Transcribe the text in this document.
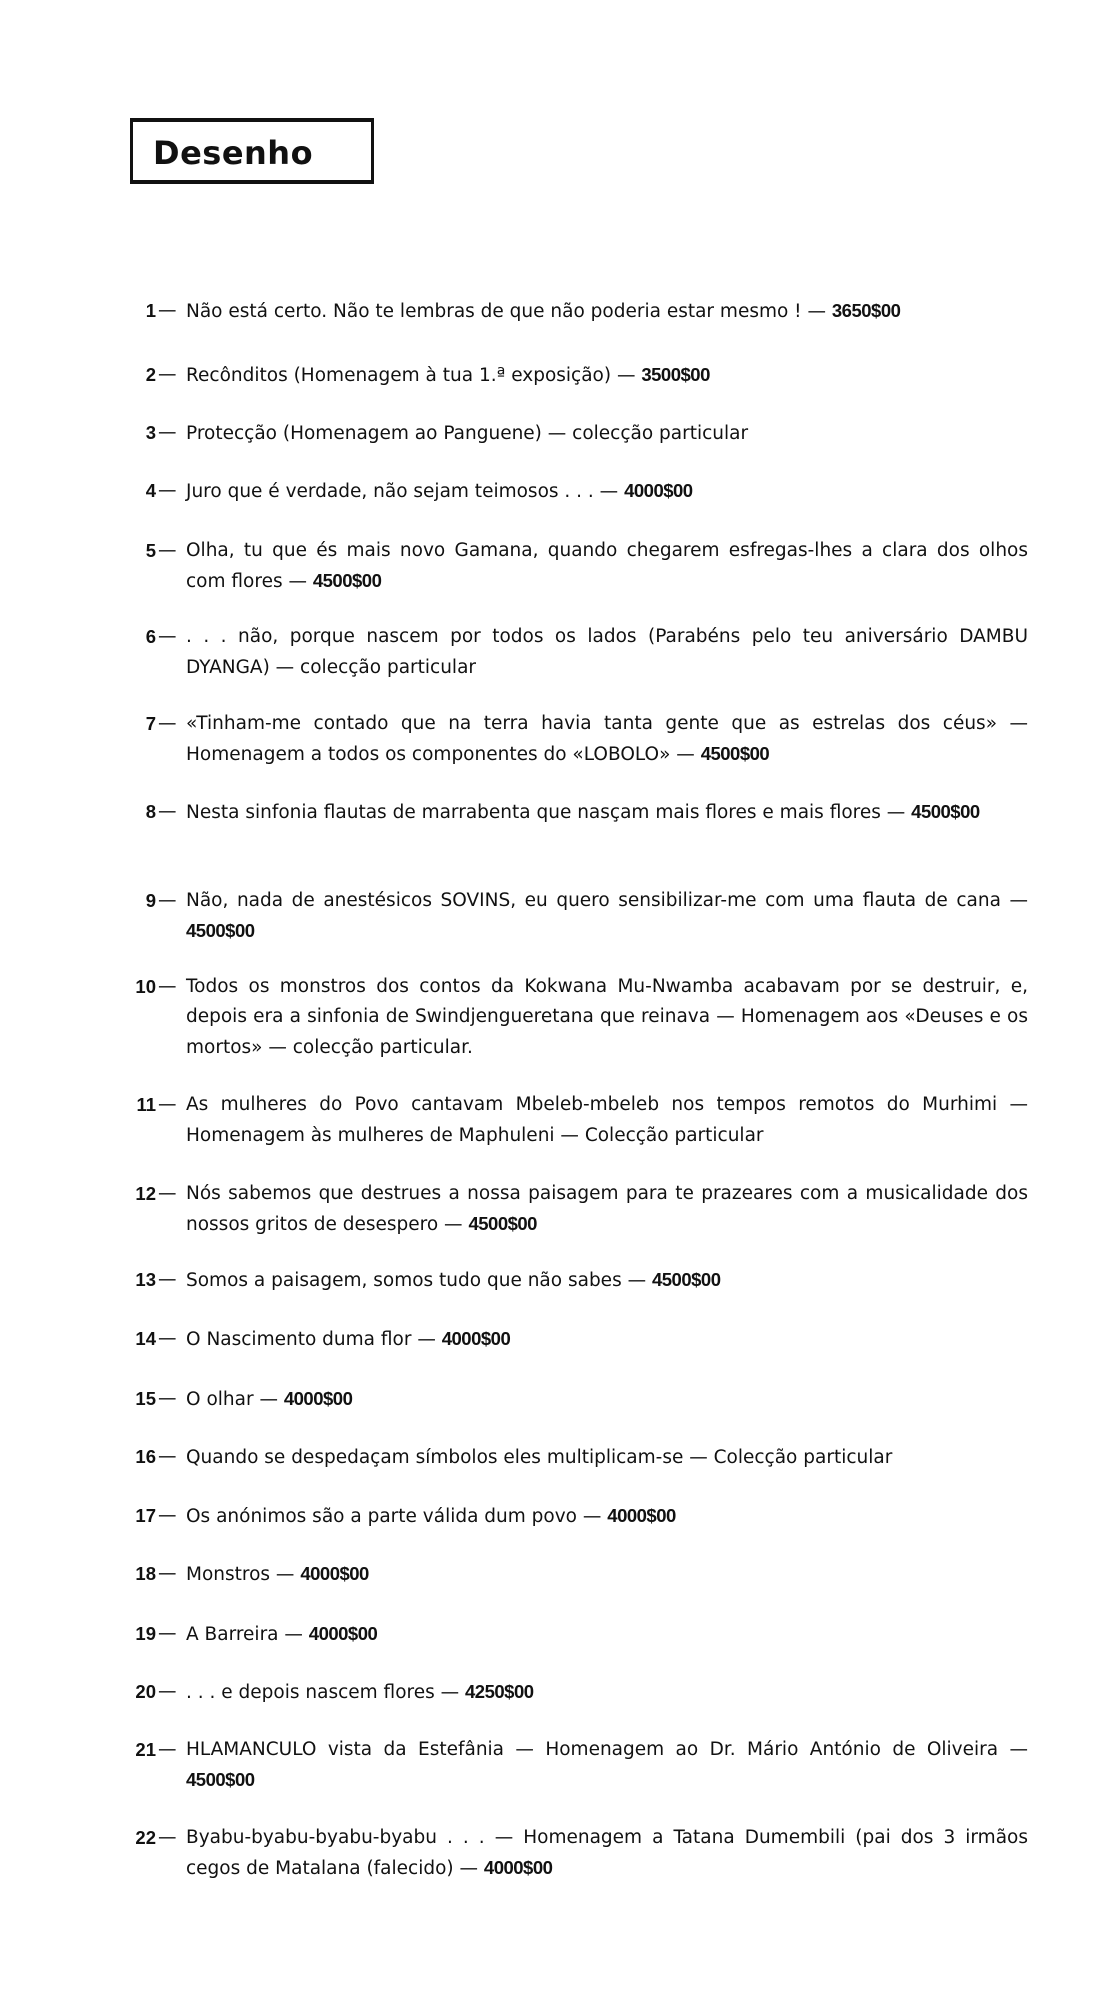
Desenho
1 — Não está certo. Não te lembras de que não poderia estar mesmo ! — 3650$00
2 — Recônditos (Homenagem à tua 1.ª exposição) — 3500$00
3 — Protecção (Homenagem ao Panguene) — colecção particular
4 — Juro que é verdade, não sejam teimosos . . . — 4000$00
5 — Olha, tu que és mais novo Gamana, quando chegarem esfregas-lhes a clara dos olhos com flores — 4500$00
6 — . . . não, porque nascem por todos os lados (Parabéns pelo teu aniversário DAMBU DYANGA) — colecção particular
7 — «Tinham-me contado que na terra havia tanta gente que as estrelas dos céus» — Homenagem a todos os componentes do «LOBOLO» — 4500$00
8 — Nesta sinfonia flautas de marrabenta que nasçam mais flores e mais flores — 4500$00
9 — Não, nada de anestésicos SOVINS, eu quero sensibilizar-me com uma flauta de cana — 4500$00
10 — Todos os monstros dos contos da Kokwana Mu-Nwamba acabavam por se destruir, e, depois era a sinfonia de Swindjengueretana que reinava — Homenagem aos «Deuses e os mortos» — colecção particular.
11 — As mulheres do Povo cantavam Mbeleb-mbeleb nos tempos remotos do Murhimi — Homenagem às mulheres de Maphuleni — Colecção particular
12 — Nós sabemos que destrues a nossa paisagem para te prazeares com a musicalidade dos nossos gritos de desespero — 4500$00
13 — Somos a paisagem, somos tudo que não sabes — 4500$00
14 — O Nascimento duma flor — 4000$00
15 — O olhar — 4000$00
16 — Quando se despedaçam símbolos eles multiplicam-se — Colecção particular
17 — Os anónimos são a parte válida dum povo — 4000$00
18 — Monstros — 4000$00
19 — A Barreira — 4000$00
20 — . . . e depois nascem flores — 4250$00
21 — HLAMANCULO vista da Estefânia — Homenagem ao Dr. Mário António de Oliveira — 4500$00
22 — Byabu-byabu-byabu-byabu . . . — Homenagem a Tatana Dumembili (pai dos 3 irmãos cegos de Matalana (falecido) — 4000$00
